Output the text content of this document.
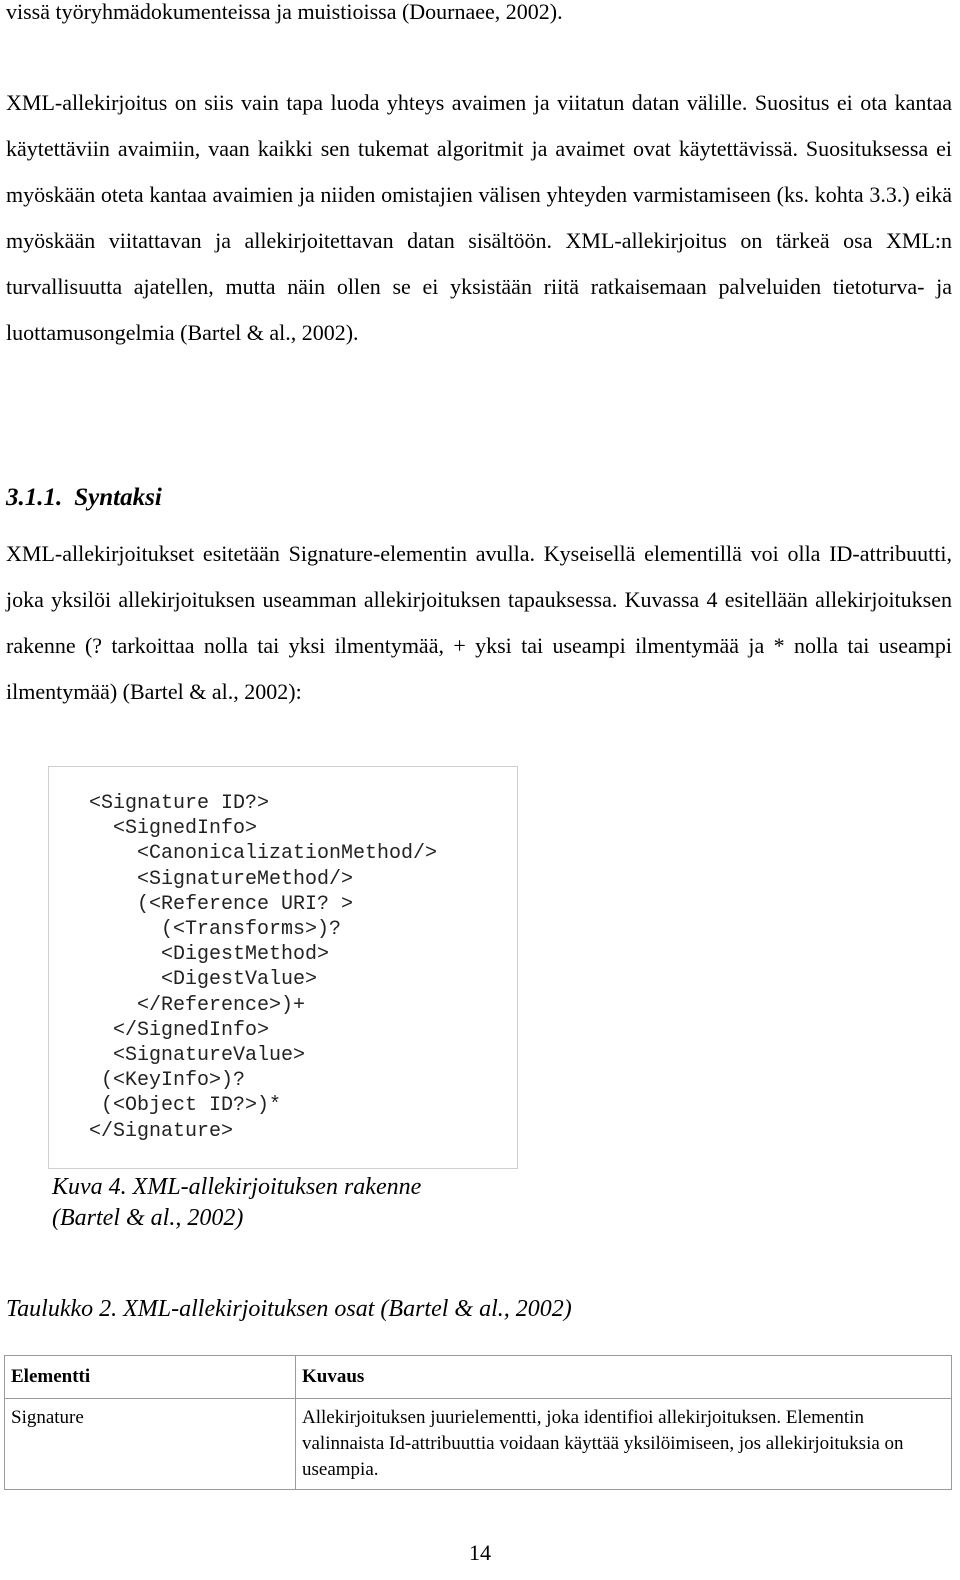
vissä työryhmädokumenteissa ja muistioissa (Dournaee, 2002).

XML-allekirjoitus on siis vain tapa luoda yhteys avaimen ja viitatun datan välille. Suositus ei ota kantaa käytettäviin avaimiin, vaan kaikki sen tukemat algoritmit ja avaimet ovat käytettävissä. Suosituksessa ei myöskään oteta kantaa avaimien ja niiden omistajien välisen yhteyden varmistamiseen (ks. kohta 3.3.) eikä myöskään viitattavan ja allekirjoitettavan datan sisältöön. XML-allekirjoitus on tärkeä osa XML:n turvallisuutta ajatellen, mutta näin ollen se ei yksistään riitä ratkaisemaan palveluiden tietoturva- ja luottamusongelmia (Bartel & al., 2002).

3.1.1. Syntaksi

XML-allekirjoitukset esitetään Signature-elementin avulla. Kyseisellä elementillä voi olla ID-attribuutti, joka yksilöi allekirjoituksen useamman allekirjoituksen tapauksessa. Kuvassa 4 esitellään allekirjoituksen rakenne (? tarkoittaa nolla tai yksi ilmentymää, + yksi tai useampi ilmentymää ja * nolla tai useampi ilmentymää) (Bartel & al., 2002):

<Signature ID?>
<SignedInfo>
<CanonicalizationMethod/>
<SignatureMethod/>
(<Reference URI? >
(<Transforms>)?
<DigestMethod>
<DigestValue>
</Reference>)+
</SignedInfo>
<SignatureValue>
(<KeyInfo>)?
(<Object ID?>)*
</Signature>
Kuva 4. XML-allekirjoituksen rakenne
(Bartel & al., 2002)

Taulukko 2. XML-allekirjoituksen osat (Bartel & al., 2002)

Elementti	Kuvaus
Signature	Allekirjoituksen juurielementti, joka identifioi allekirjoituksen. Elementin valinnaista Id-attribuuttia voidaan käyttää yksilöimiseen, jos allekirjoituksia on useampia.

14
